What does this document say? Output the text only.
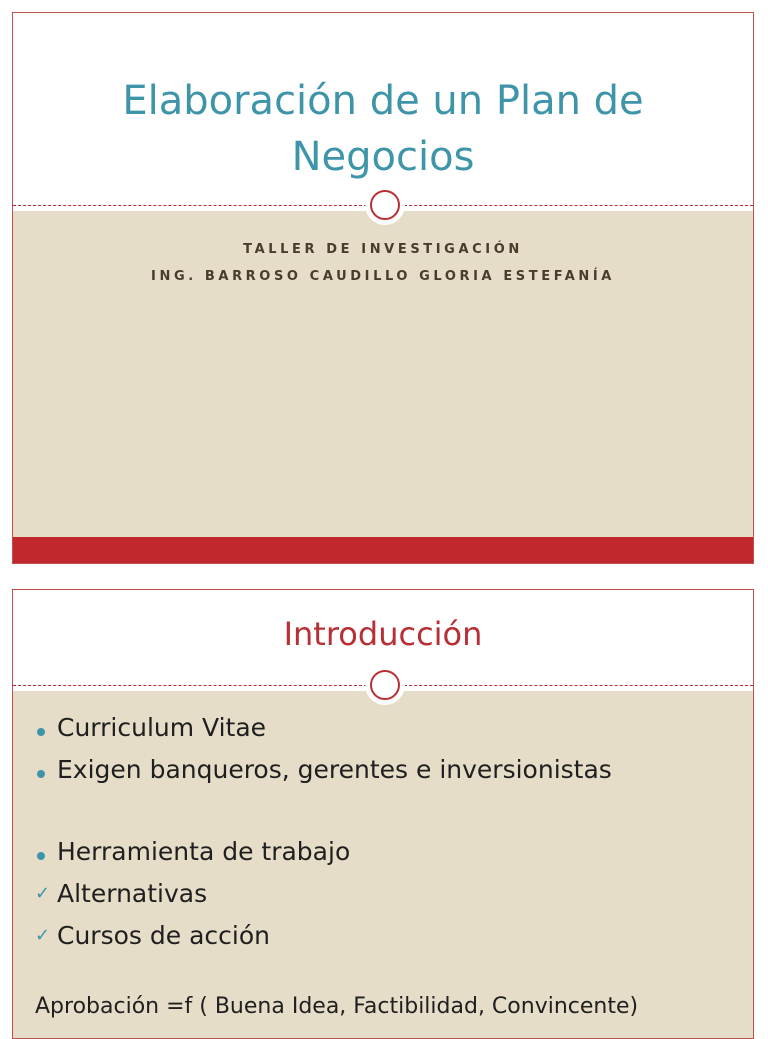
Elaboración de un Plan de
Negocios
TALLER DE INVESTIGACIÓN
ING. BARROSO CAUDILLO GLORIA ESTEFANÍA
Introducción
Curriculum Vitae
Exigen banqueros, gerentes e inversionistas
Herramienta de trabajo
✓ Alternativas
✓ Cursos de acción
Aprobación =f ( Buena Idea, Factibilidad, Convincente)
